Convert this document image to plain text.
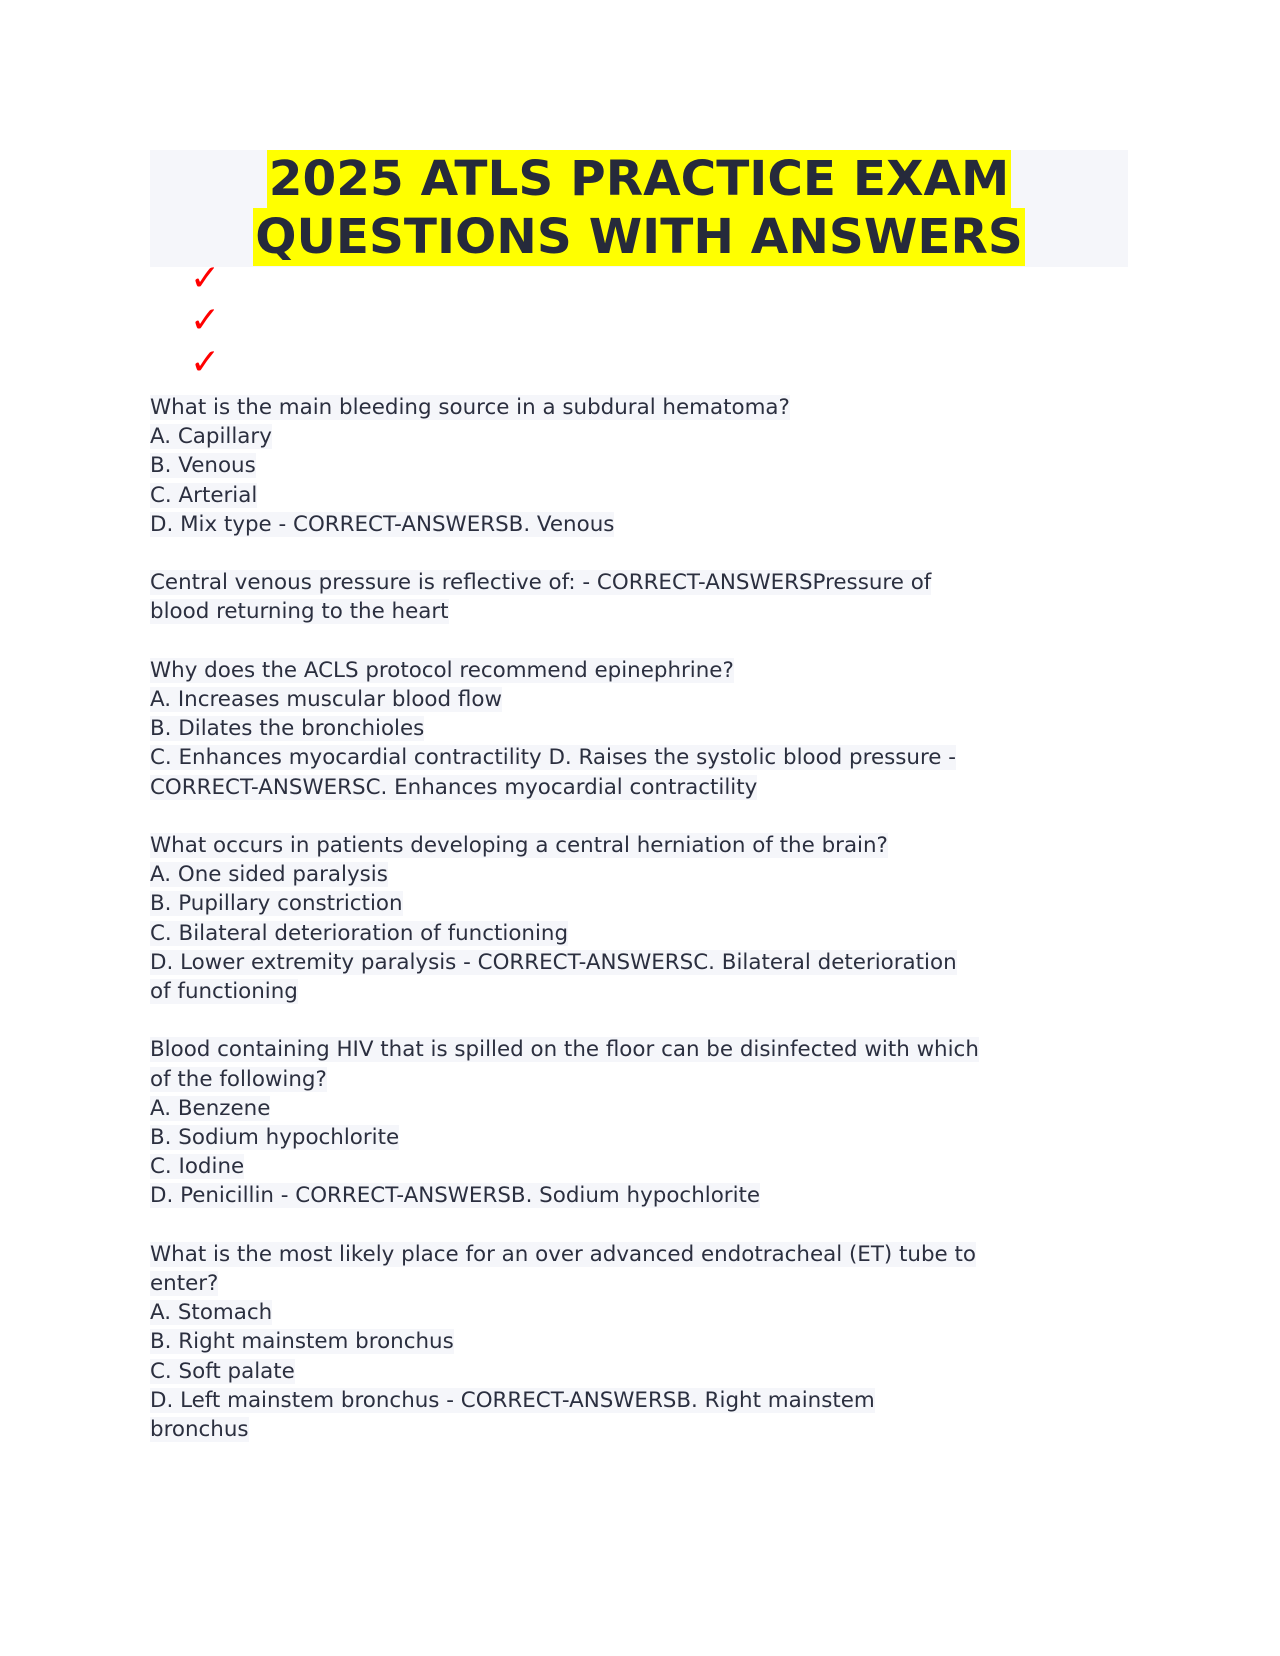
2025 ATLS PRACTICE EXAM
QUESTIONS WITH ANSWERS
✓
✓
✓
What is the main bleeding source in a subdural hematoma?
A. Capillary
B. Venous
C. Arterial
D. Mix type - CORRECT-ANSWERSB. Venous
Central venous pressure is reflective of: - CORRECT-ANSWERSPressure of
blood returning to the heart
Why does the ACLS protocol recommend epinephrine?
A. Increases muscular blood flow
B. Dilates the bronchioles
C. Enhances myocardial contractility D. Raises the systolic blood pressure -
CORRECT-ANSWERSC. Enhances myocardial contractility
What occurs in patients developing a central herniation of the brain?
A. One sided paralysis
B. Pupillary constriction
C. Bilateral deterioration of functioning
D. Lower extremity paralysis - CORRECT-ANSWERSC. Bilateral deterioration
of functioning
Blood containing HIV that is spilled on the floor can be disinfected with which
of the following?
A. Benzene
B. Sodium hypochlorite
C. Iodine
D. Penicillin - CORRECT-ANSWERSB. Sodium hypochlorite
What is the most likely place for an over advanced endotracheal (ET) tube to
enter?
A. Stomach
B. Right mainstem bronchus
C. Soft palate
D. Left mainstem bronchus - CORRECT-ANSWERSB. Right mainstem
bronchus
